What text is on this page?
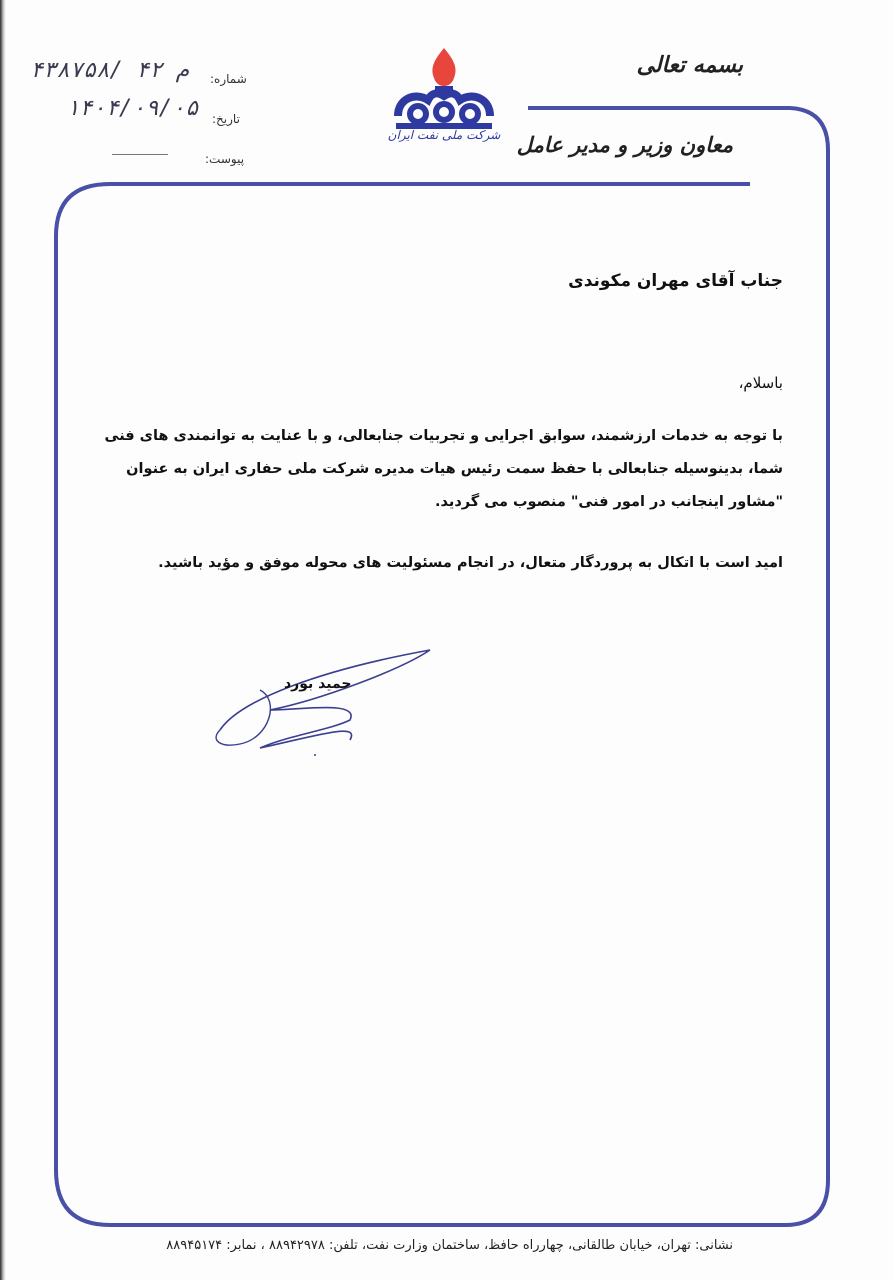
بسمه تعالی
معاون وزیر و مدیر عامل
شرکت ملی نفت ایران
شماره:
۴۳۸۷۵۸/ ۴۲ م
تاریخ:
۱۴۰۴/۰۹/۰۵
پیوست:
جناب آقای مهران مکوندی
باسلام،
با توجه به خدمات ارزشمند، سوابق اجرایی و تجربیات جنابعالی، و با عنایت به توانمندی های فنی شما، بدینوسیله جنابعالی با حفظ سمت رئیس هیات مدیره شرکت ملی حفاری ایران به عنوان "مشاور اینجانب در امور فنی" منصوب می گردید.
امید است با اتکال به پروردگار متعال، در انجام مسئولیت های محوله موفق و مؤید باشید.
حمید بورد
نشانی: تهران، خیابان طالقانی، چهارراه حافظ، ساختمان وزارت نفت، تلفن: ۸۸۹۴۲۹۷۸ ، نمابر: ۸۸۹۴۵۱۷۴
